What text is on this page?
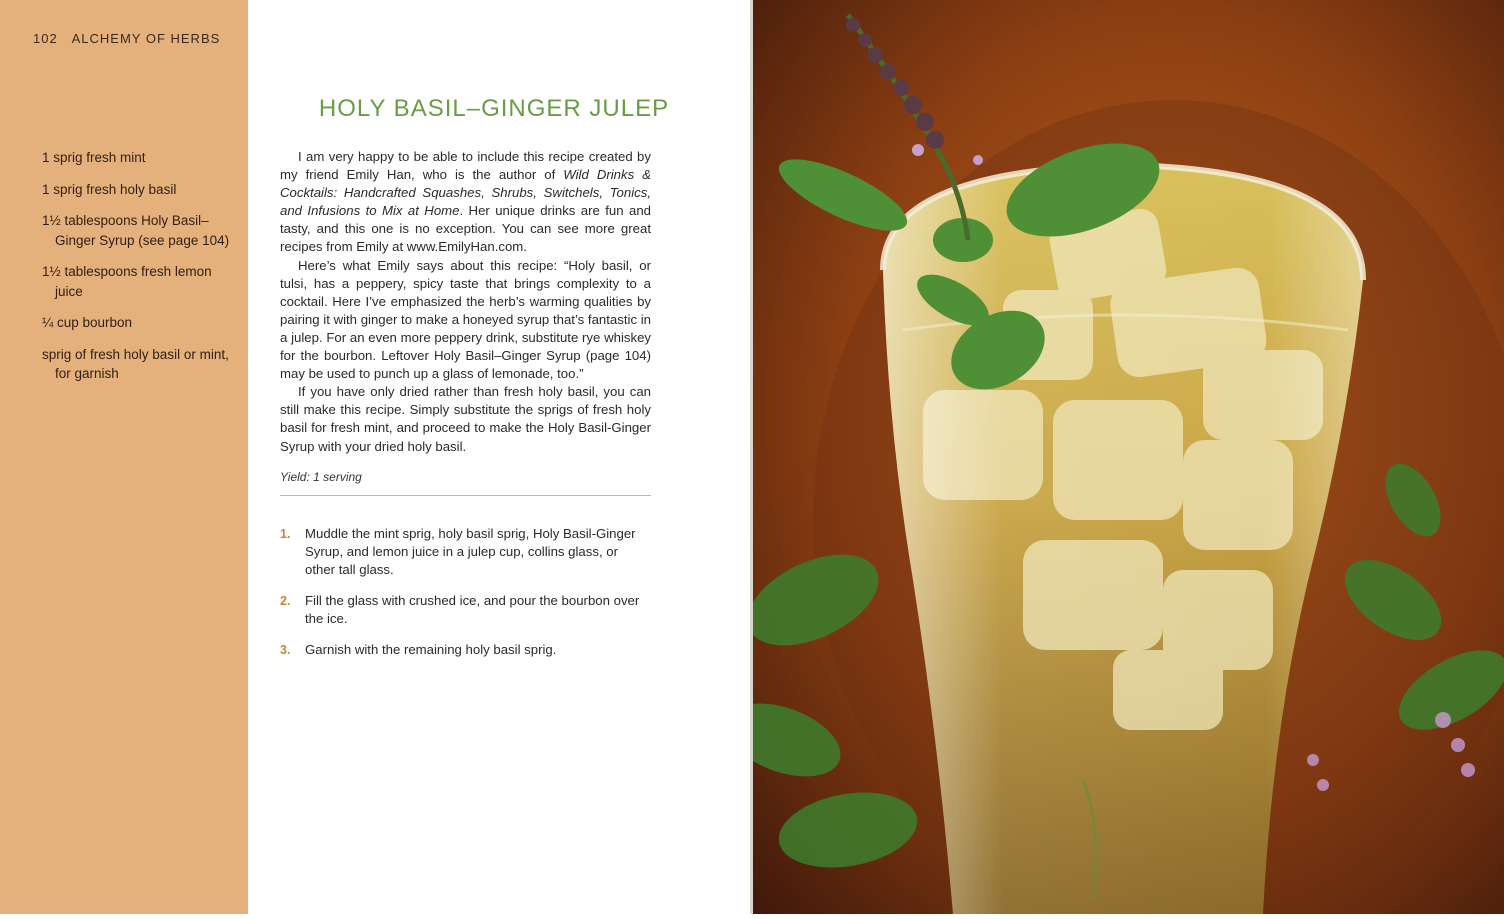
102 ALCHEMY OF HERBS
1 sprig fresh mint
1 sprig fresh holy basil
1½ tablespoons Holy Basil–Ginger Syrup (see page 104)
1½ tablespoons fresh lemon juice
¼ cup bourbon
sprig of fresh holy basil or mint, for garnish
HOLY BASIL–GINGER JULEP

I am very happy to be able to include this recipe created by my friend Emily Han, who is the author of Wild Drinks & Cocktails: Handcrafted Squashes, Shrubs, Switchels, Tonics, and Infusions to Mix at Home. Her unique drinks are fun and tasty, and this one is no exception. You can see more great recipes from Emily at www.EmilyHan.com.

Here’s what Emily says about this recipe: “Holy basil, or tulsi, has a peppery, spicy taste that brings complexity to a cocktail. Here I’ve emphasized the herb’s warming qualities by pairing it with ginger to make a honeyed syrup that’s fantastic in a julep. For an even more peppery drink, substitute rye whiskey for the bourbon. Leftover Holy Basil–Ginger Syrup (page 104) may be used to punch up a glass of lemonade, too.”

If you have only dried rather than fresh holy basil, you can still make this recipe. Simply substitute the sprigs of fresh holy basil for fresh mint, and proceed to make the Holy Basil-Ginger Syrup with your dried holy basil.

Yield: 1 serving
1. Muddle the mint sprig, holy basil sprig, Holy Basil-Ginger Syrup, and lemon juice in a julep cup, collins glass, or other tall glass.
2. Fill the glass with crushed ice, and pour the bourbon over the ice.
3. Garnish with the remaining holy basil sprig.
